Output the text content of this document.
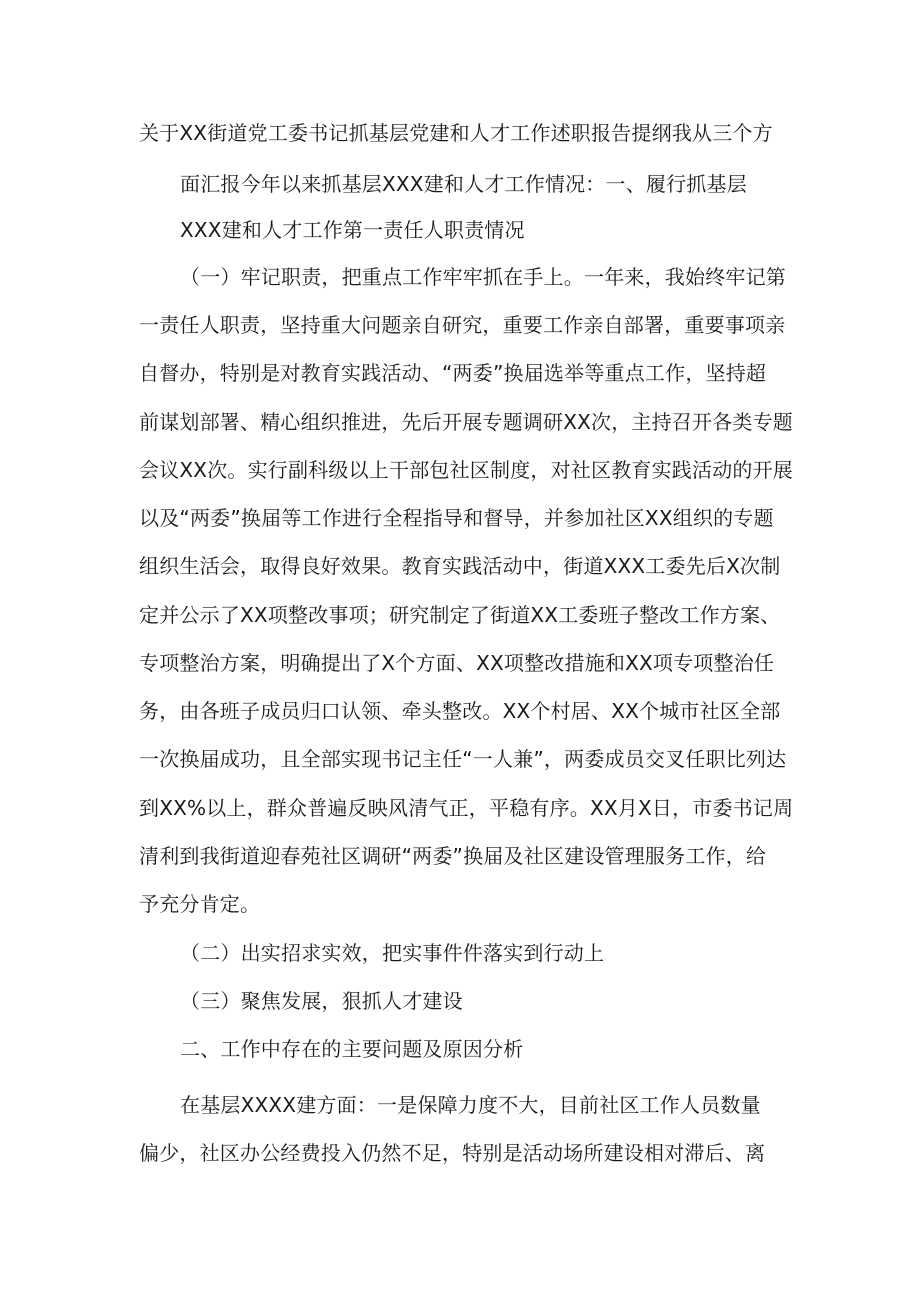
关于XX街道党工委书记抓基层党建和人才工作述职报告提纲我从三个方
面汇报今年以来抓基层XXX建和人才工作情况：一、履行抓基层
XXX建和人才工作第一责任人职责情况
（一）牢记职责，把重点工作牢牢抓在手上。一年来，我始终牢记第
一责任人职责，坚持重大问题亲自研究，重要工作亲自部署，重要事项亲
自督办，特别是对教育实践活动、“两委”换届选举等重点工作，坚持超
前谋划部署、精心组织推进，先后开展专题调研XX次，主持召开各类专题
会议XX次。实行副科级以上干部包社区制度，对社区教育实践活动的开展
以及“两委”换届等工作进行全程指导和督导，并参加社区XX组织的专题
组织生活会，取得良好效果。教育实践活动中，街道XXX工委先后X次制
定并公示了XX项整改事项；研究制定了街道XX工委班子整改工作方案、
专项整治方案，明确提出了X个方面、XX项整改措施和XX项专项整治任
务，由各班子成员归口认领、牵头整改。XX个村居、XX个城市社区全部
一次换届成功，且全部实现书记主任“一人兼”，两委成员交叉任职比列达
到XX%以上，群众普遍反映风清气正，平稳有序。XX月X日，市委书记周
清利到我街道迎春苑社区调研“两委”换届及社区建设管理服务工作，给
予充分肯定。
（二）出实招求实效，把实事件件落实到行动上
（三）聚焦发展，狠抓人才建设
二、工作中存在的主要问题及原因分析
在基层XXXX建方面：一是保障力度不大，目前社区工作人员数量
偏少，社区办公经费投入仍然不足，特别是活动场所建设相对滞后、离
